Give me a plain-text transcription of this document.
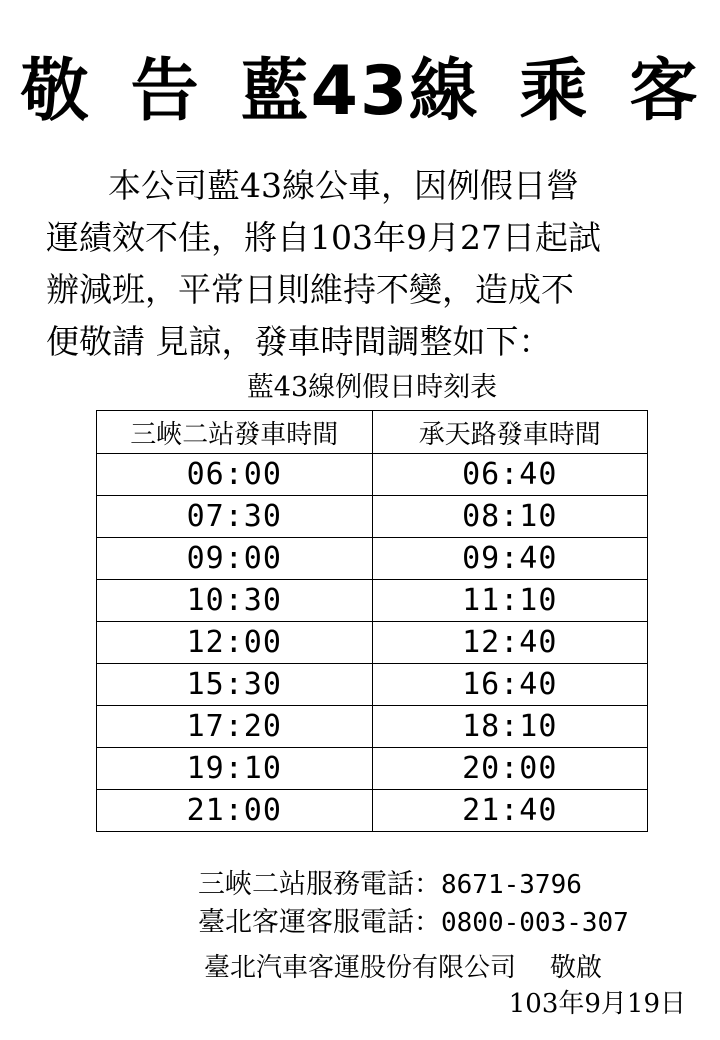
敬 告 藍43線 乘 客
本公司藍43線公車，因例假日營
運績效不佳，將自103年9月27日起試
辦減班，平常日則維持不變，造成不
便敬請 見諒，發車時間調整如下：
藍43線例假日時刻表
三峽二站發車時間	承天路發車時間
06:00	06:40
07:30	08:10
09:00	09:40
10:30	11:10
12:00	12:40
15:30	16:40
17:20	18:10
19:10	20:00
21:00	21:40
三峽二站服務電話：8671-3796
臺北客運客服電話：0800-003-307
臺北汽車客運股份有限公司 敬啟
103年9月19日
